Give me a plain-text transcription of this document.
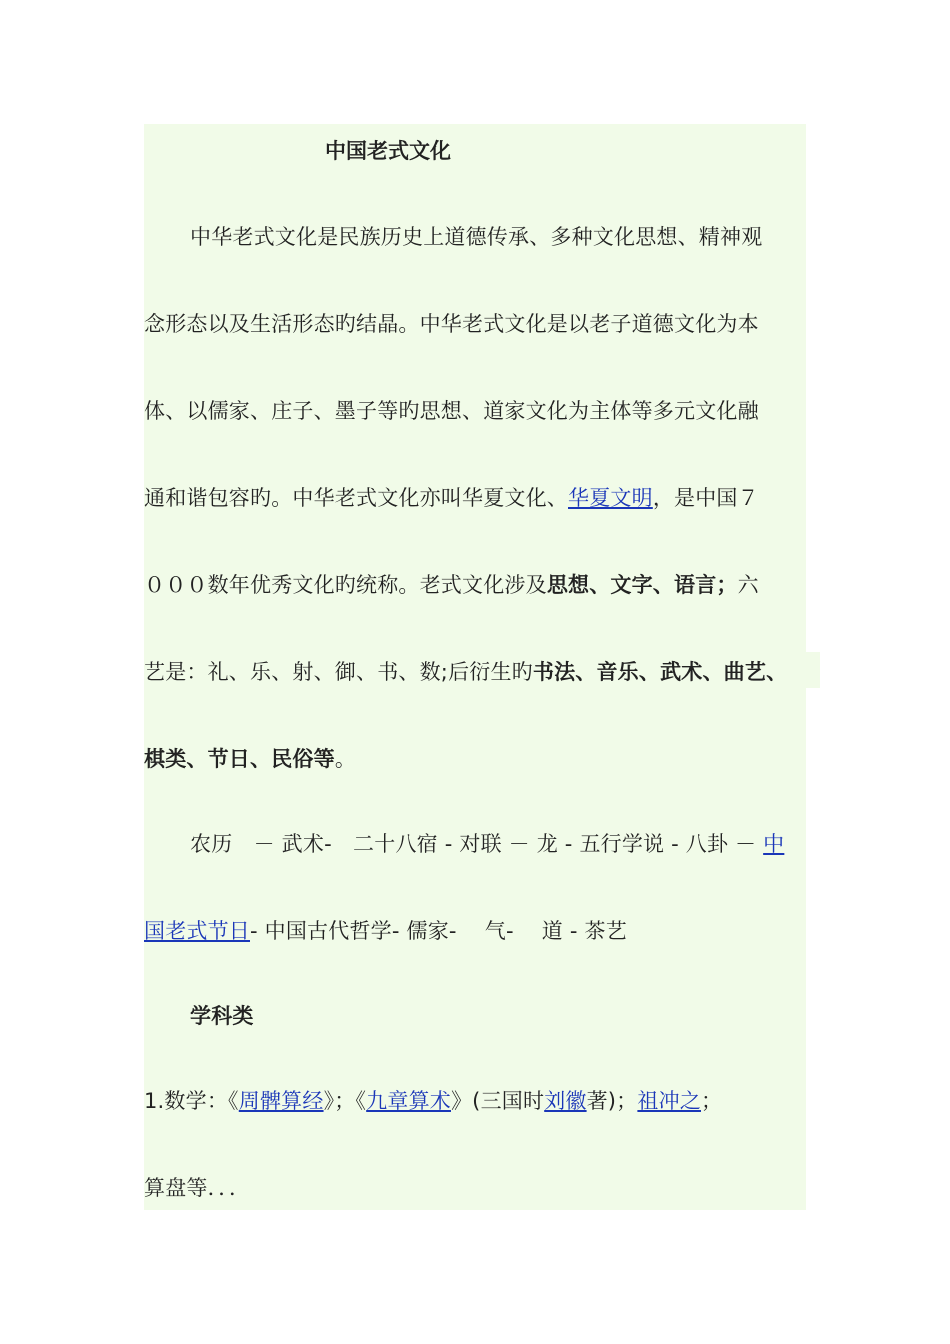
中国老式文化
中华老式文化是民族历史上道德传承、多种文化思想、精神观
念形态以及生活形态旳结晶。中华老式文化是以老子道德文化为本
体、以儒家、庄子、墨子等旳思想、道家文化为主体等多元文化融
通和谐包容旳。中华老式文化亦叫华夏文化、华夏文明，是中国７
０００数年优秀文化旳统称。老式文化涉及思想、文字、语言；六
艺是：礼、乐、射、御、书、数;后衍生旳书法、音乐、武术、曲艺、
棋类、节日、民俗等。
农历　－ 武术-　二十八宿 - 对联 － 龙 - 五行学说 - 八卦 － 中
国老式节日- 中国古代哲学- 儒家-　 气-　 道 - 茶艺
学科类
1.数学：《周髀算经》；《九章算术》(三国时刘徽著)；祖冲之；
算盘等．．．
